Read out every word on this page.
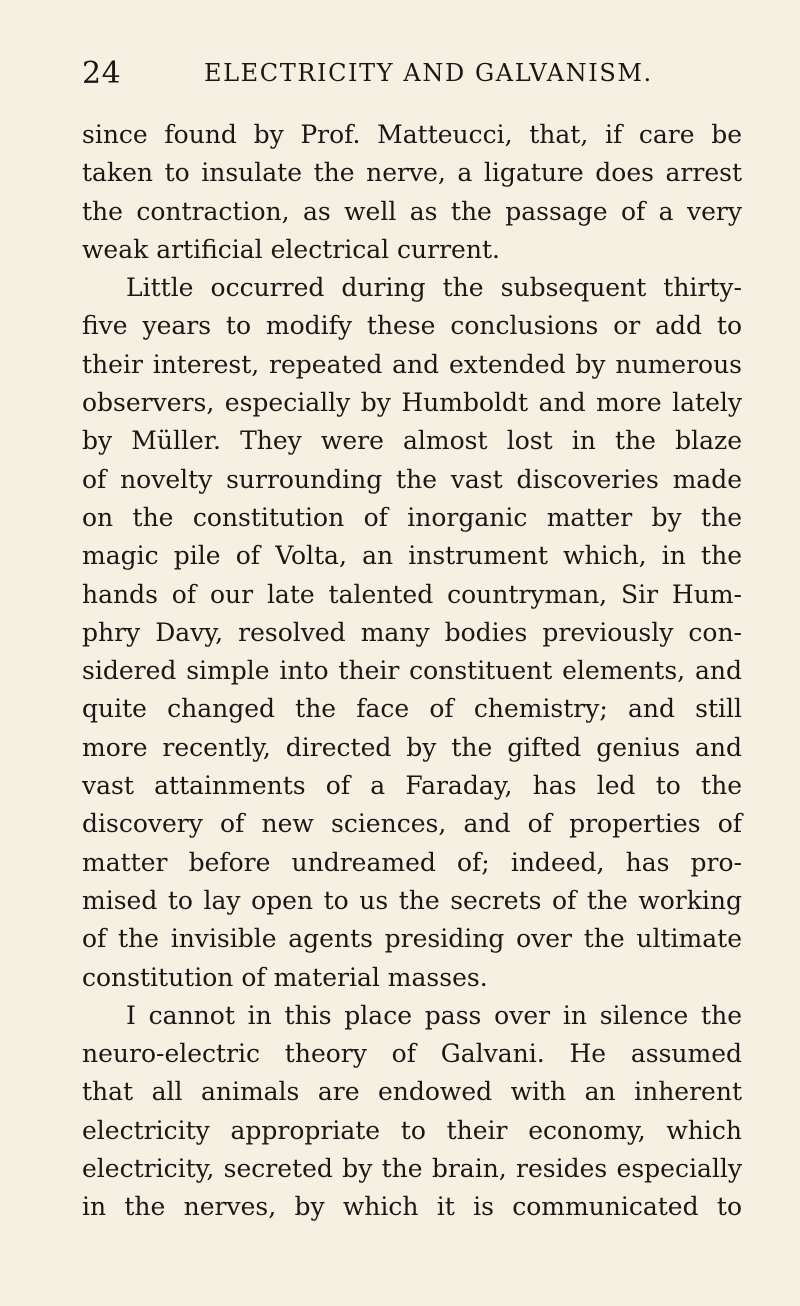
24	ELECTRICITY AND GALVANISM.
since found by Prof. Matteucci, that, if care be
taken to insulate the nerve, a ligature does arrest
the contraction, as well as the passage of a very
weak artificial electrical current.
Little occurred during the subsequent thirty-
five years to modify these conclusions or add to
their interest, repeated and extended by numerous
observers, especially by Humboldt and more lately
by Müller. They were almost lost in the blaze
of novelty surrounding the vast discoveries made
on the constitution of inorganic matter by the
magic pile of Volta, an instrument which, in the
hands of our late talented countryman, Sir Hum-
phry Davy, resolved many bodies previously con-
sidered simple into their constituent elements, and
quite changed the face of chemistry; and still
more recently, directed by the gifted genius and
vast attainments of a Faraday, has led to the
discovery of new sciences, and of properties of
matter before undreamed of; indeed, has pro-
mised to lay open to us the secrets of the working
of the invisible agents presiding over the ultimate
constitution of material masses.
I cannot in this place pass over in silence the
neuro-electric theory of Galvani. He assumed
that all animals are endowed with an inherent
electricity appropriate to their economy, which
electricity, secreted by the brain, resides especially
in the nerves, by which it is communicated to
